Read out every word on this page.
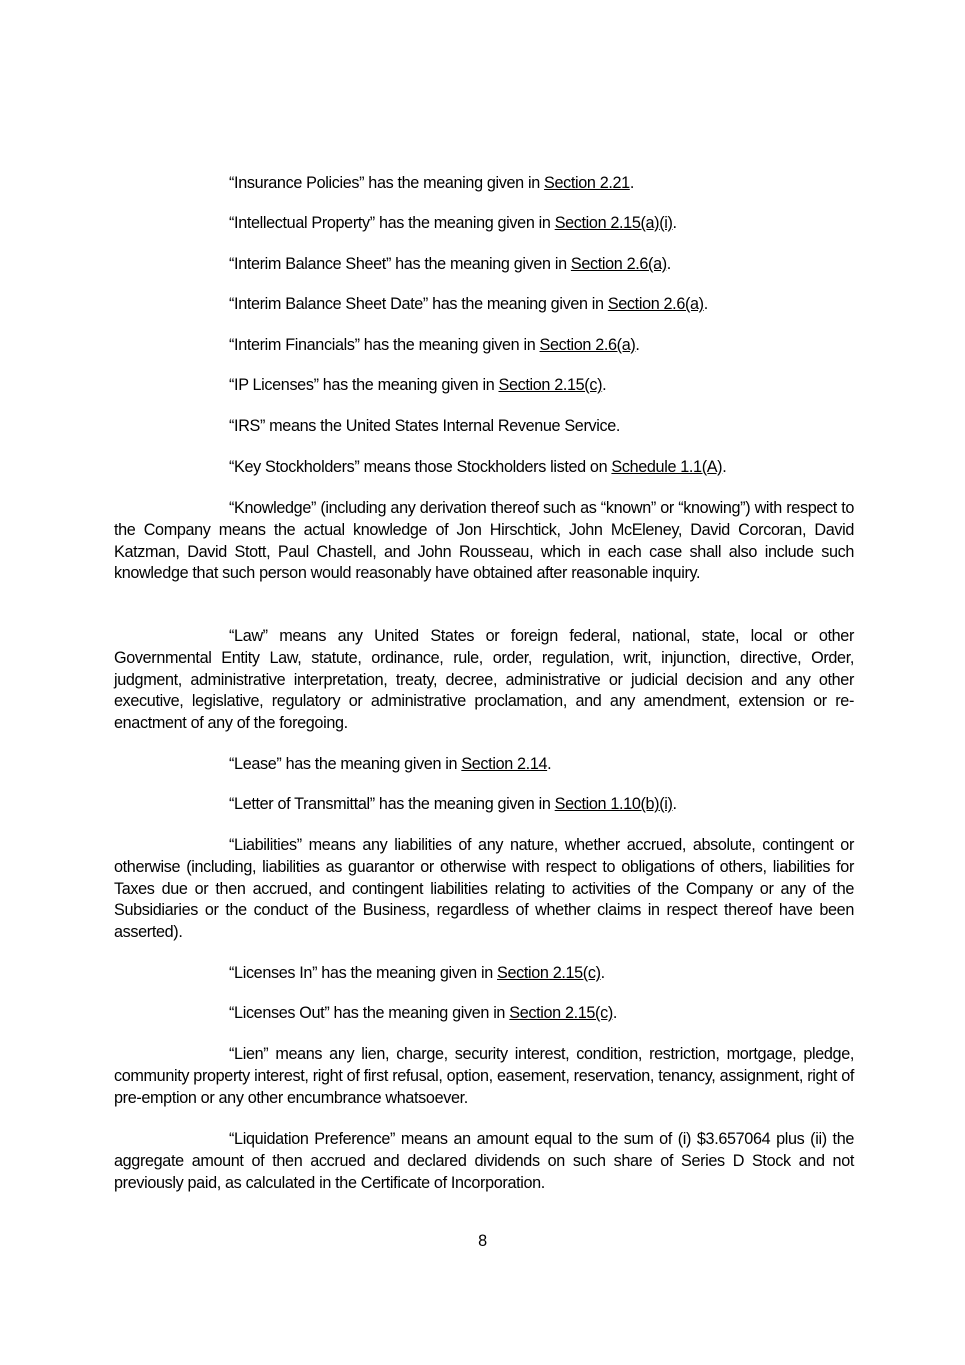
“Insurance Policies” has the meaning given in Section 2.21.

“Intellectual Property” has the meaning given in Section 2.15(a)(i).

“Interim Balance Sheet” has the meaning given in Section 2.6(a).

“Interim Balance Sheet Date” has the meaning given in Section 2.6(a).

“Interim Financials” has the meaning given in Section 2.6(a).

“IP Licenses” has the meaning given in Section 2.15(c).

“IRS” means the United States Internal Revenue Service.

“Key Stockholders” means those Stockholders listed on Schedule 1.1(A).

“Knowledge” (including any derivation thereof such as “known” or “knowing”) with respect to the Company means the actual knowledge of Jon Hirschtick, John McEleney, David Corcoran, David Katzman, David Stott, Paul Chastell, and John Rousseau, which in each case shall also include such knowledge that such person would reasonably have obtained after reasonable inquiry.

“Law” means any United States or foreign federal, national, state, local or other Governmental Entity Law, statute, ordinance, rule, order, regulation, writ, injunction, directive, Order, judgment, administrative interpretation, treaty, decree, administrative or judicial decision and any other executive, legislative, regulatory or administrative proclamation, and any amendment, extension or re-enactment of any of the foregoing.

“Lease” has the meaning given in Section 2.14.

“Letter of Transmittal” has the meaning given in Section 1.10(b)(i).

“Liabilities” means any liabilities of any nature, whether accrued, absolute, contingent or otherwise (including, liabilities as guarantor or otherwise with respect to obligations of others, liabilities for Taxes due or then accrued, and contingent liabilities relating to activities of the Company or any of the Subsidiaries or the conduct of the Business, regardless of whether claims in respect thereof have been asserted).

“Licenses In” has the meaning given in Section 2.15(c).

“Licenses Out” has the meaning given in Section 2.15(c).

“Lien” means any lien, charge, security interest, condition, restriction, mortgage, pledge, community property interest, right of first refusal, option, easement, reservation, tenancy, assignment, right of pre-emption or any other encumbrance whatsoever.

“Liquidation Preference” means an amount equal to the sum of (i) $3.657064 plus (ii) the aggregate amount of then accrued and declared dividends on such share of Series D Stock and not previously paid, as calculated in the Certificate of Incorporation.

8
